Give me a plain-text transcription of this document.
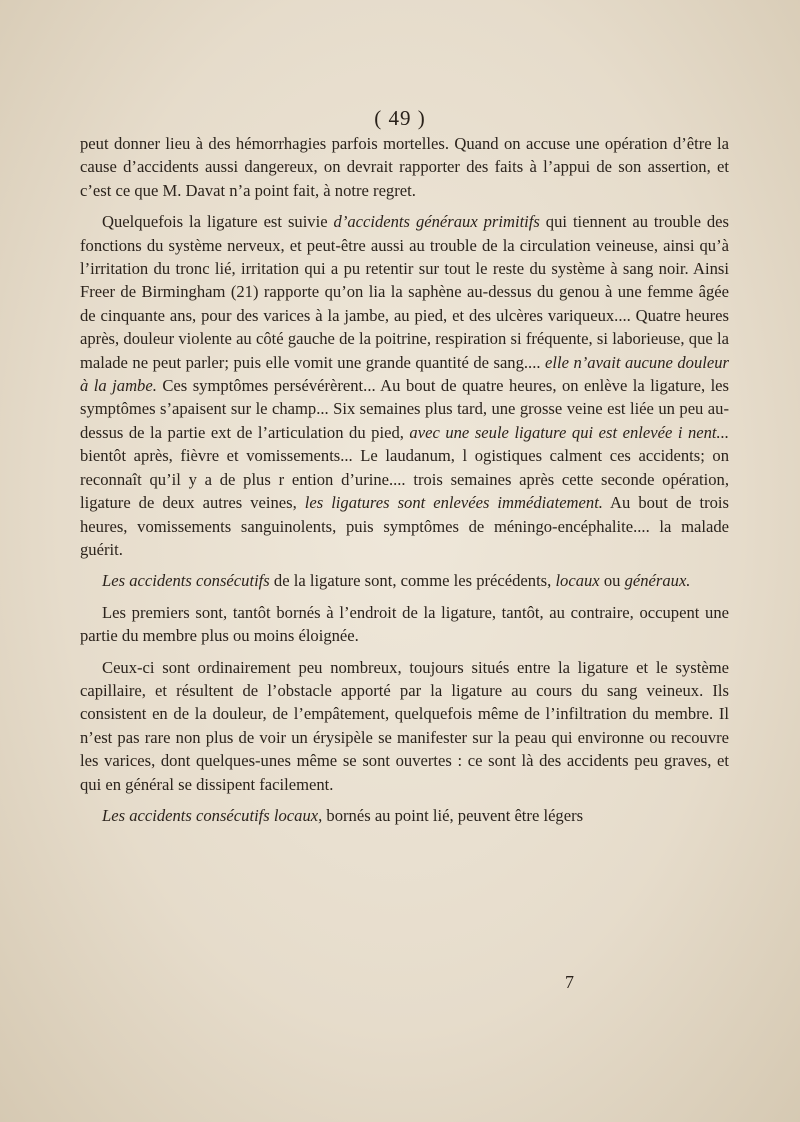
( 49 )

peut donner lieu à des hémorrhagies parfois mortelles. Quand on accuse une opération d’être la cause d’accidents aussi dangereux, on devrait rapporter des faits à l’appui de son assertion, et c’est ce que M. Davat n’a point fait, à notre regret.

Quelquefois la ligature est suivie d’accidents généraux primitifs qui tiennent au trouble des fonctions du système nerveux, et peut-être aussi au trouble de la circulation veineuse, ainsi qu’à l’irritation du tronc lié, irritation qui a pu retentir sur tout le reste du système à sang noir. Ainsi Freer de Birmingham (21) rapporte qu’on lia la saphène au-dessus du genou à une femme âgée de cinquante ans, pour des varices à la jambe, au pied, et des ulcères variqueux.... Quatre heures après, douleur violente au côté gauche de la poitrine, respiration si fréquente, si laborieuse, que la malade ne peut parler; puis elle vomit une grande quantité de sang.... elle n’avait aucune douleur à la jambe. Ces symptômes persévérèrent... Au bout de quatre heures, on enlève la ligature, les symptômes s’apaisent sur le champ... Six semaines plus tard, une grosse veine est liée un peu au-dessus de la partie ext de l’articulation du pied, avec une seule ligature qui est enlevée i nent... bientôt après, fièvre et vomissements... Le laudanum, l ogistiques calment ces accidents; on reconnaît qu’il y a de plus r ention d’urine.... trois semaines après cette seconde opération, ligature de deux autres veines, les ligatures sont enlevées immédiatement. Au bout de trois heures, vomissements sanguinolents, puis symptômes de méningo-encéphalite.... la malade guérit.

Les accidents consécutifs de la ligature sont, comme les précédents, locaux ou généraux.

Les premiers sont, tantôt bornés à l’endroit de la ligature, tantôt, au contraire, occupent une partie du membre plus ou moins éloignée.

Ceux-ci sont ordinairement peu nombreux, toujours situés entre la ligature et le système capillaire, et résultent de l’obstacle apporté par la ligature au cours du sang veineux. Ils consistent en de la douleur, de l’empâtement, quelquefois même de l’infiltration du membre. Il n’est pas rare non plus de voir un érysipèle se manifester sur la peau qui environne ou recouvre les varices, dont quelques-unes même se sont ouvertes : ce sont là des accidents peu graves, et qui en général se dissipent facilement.

Les accidents consécutifs locaux, bornés au point lié, peuvent être légers

7
